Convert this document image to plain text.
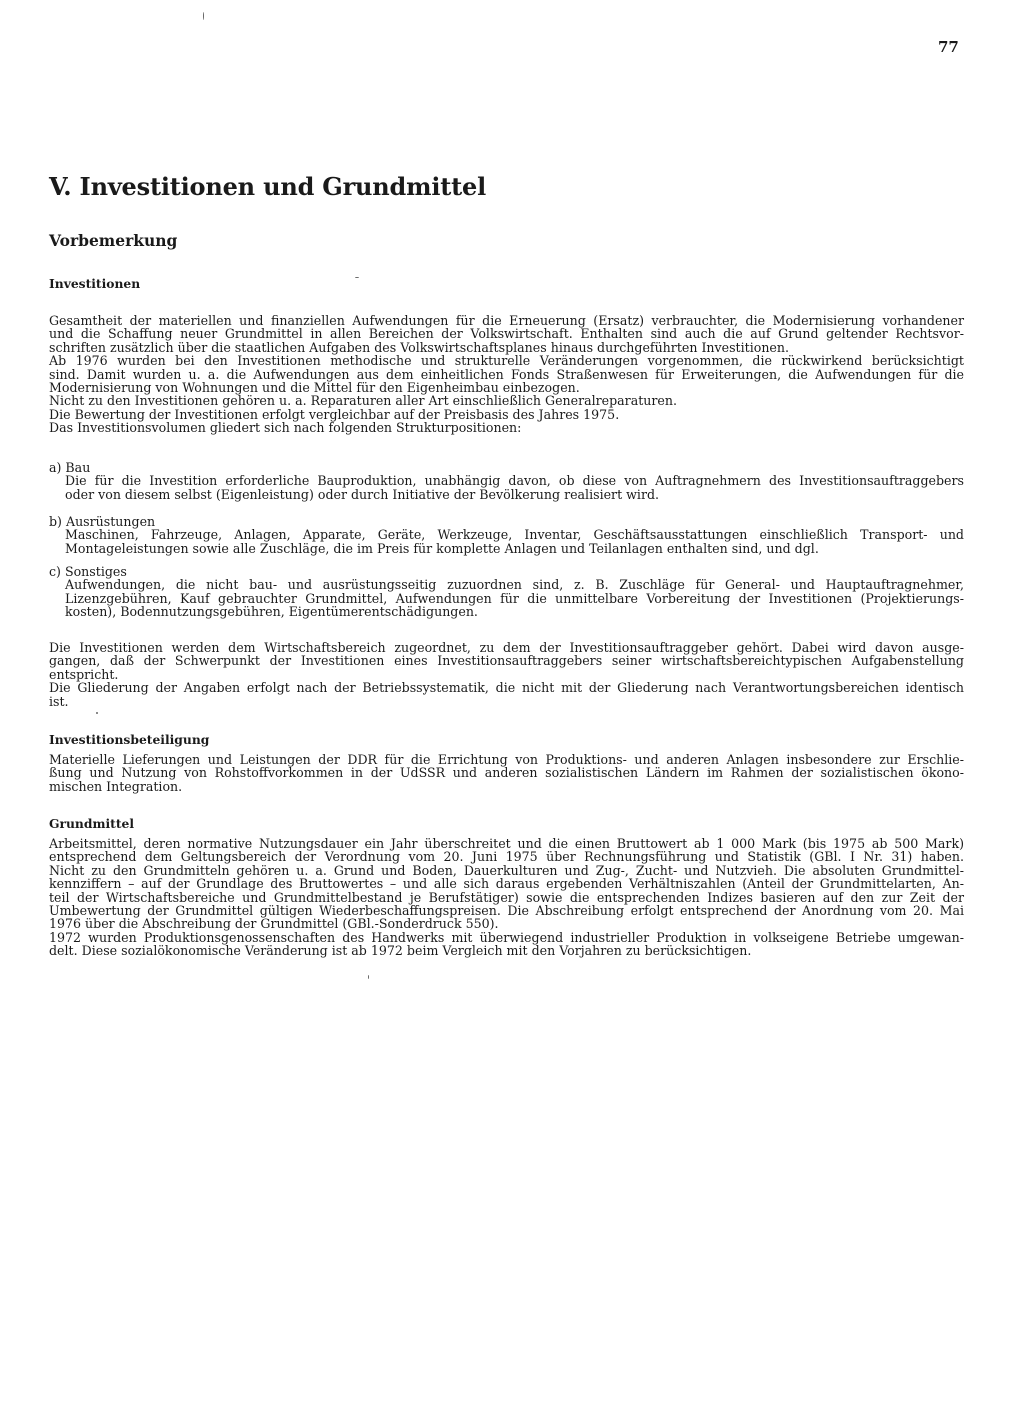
77
V. Investitionen und Grundmittel
Vorbemerkung
Investitionen
Gesamtheit der materiellen und finanziellen Aufwendungen für die Erneuerung (Ersatz) verbrauchter, die Modernisierung vorhandener
und die Schaffung neuer Grundmittel in allen Bereichen der Volkswirtschaft. Enthalten sind auch die auf Grund geltender Rechtsvor-
schriften zusätzlich über die staatlichen Aufgaben des Volkswirtschaftsplanes hinaus durchgeführten Investitionen.
Ab 1976 wurden bei den Investitionen methodische und strukturelle Veränderungen vorgenommen, die rückwirkend berücksichtigt
sind. Damit wurden u. a. die Aufwendungen aus dem einheitlichen Fonds Straßenwesen für Erweiterungen, die Aufwendungen für die
Modernisierung von Wohnungen und die Mittel für den Eigenheimbau einbezogen.
Nicht zu den Investitionen gehören u. a. Reparaturen aller Art einschließlich Generalreparaturen.
Die Bewertung der Investitionen erfolgt vergleichbar auf der Preisbasis des Jahres 1975.
Das Investitionsvolumen gliedert sich nach folgenden Strukturpositionen:
a) Bau
Die für die Investition erforderliche Bauproduktion, unabhängig davon, ob diese von Auftragnehmern des Investitionsauftraggebers
oder von diesem selbst (Eigenleistung) oder durch Initiative der Bevölkerung realisiert wird.
b) Ausrüstungen
Maschinen, Fahrzeuge, Anlagen, Apparate, Geräte, Werkzeuge, Inventar, Geschäftsausstattungen einschließlich Transport- und
Montageleistungen sowie alle Zuschläge, die im Preis für komplette Anlagen und Teilanlagen enthalten sind, und dgl.
c) Sonstiges
Aufwendungen, die nicht bau- und ausrüstungsseitig zuzuordnen sind, z. B. Zuschläge für General- und Hauptauftragnehmer,
Lizenzgebühren, Kauf gebrauchter Grundmittel, Aufwendungen für die unmittelbare Vorbereitung der Investitionen (Projektierungs-
kosten), Bodennutzungsgebühren, Eigentümerentschädigungen.
Die Investitionen werden dem Wirtschaftsbereich zugeordnet, zu dem der Investitionsauftraggeber gehört. Dabei wird davon ausge-
gangen, daß der Schwerpunkt der Investitionen eines Investitionsauftraggebers seiner wirtschaftsbereichtypischen Aufgabenstellung
entspricht.
Die Gliederung der Angaben erfolgt nach der Betriebssystematik, die nicht mit der Gliederung nach Verantwortungsbereichen identisch
ist.
Investitionsbeteiligung
Materielle Lieferungen und Leistungen der DDR für die Errichtung von Produktions- und anderen Anlagen insbesondere zur Erschlie-
ßung und Nutzung von Rohstoffvorkommen in der UdSSR und anderen sozialistischen Ländern im Rahmen der sozialistischen ökono-
mischen Integration.
Grundmittel
Arbeitsmittel, deren normative Nutzungsdauer ein Jahr überschreitet und die einen Bruttowert ab 1 000 Mark (bis 1975 ab 500 Mark)
entsprechend dem Geltungsbereich der Verordnung vom 20. Juni 1975 über Rechnungsführung und Statistik (GBl. I Nr. 31) haben.
Nicht zu den Grundmitteln gehören u. a. Grund und Boden, Dauerkulturen und Zug-, Zucht- und Nutzvieh. Die absoluten Grundmittel-
kennziffern – auf der Grundlage des Bruttowertes – und alle sich daraus ergebenden Verhältniszahlen (Anteil der Grundmittelarten, An-
teil der Wirtschaftsbereiche und Grundmittelbestand je Berufstätiger) sowie die entsprechenden Indizes basieren auf den zur Zeit der
Umbewertung der Grundmittel gültigen Wiederbeschaffungspreisen. Die Abschreibung erfolgt entsprechend der Anordnung vom 20. Mai
1976 über die Abschreibung der Grundmittel (GBl.-Sonderdruck 550).
1972 wurden Produktionsgenossenschaften des Handwerks mit überwiegend industrieller Produktion in volkseigene Betriebe umgewan-
delt. Diese sozialökonomische Veränderung ist ab 1972 beim Vergleich mit den Vorjahren zu berücksichtigen.
